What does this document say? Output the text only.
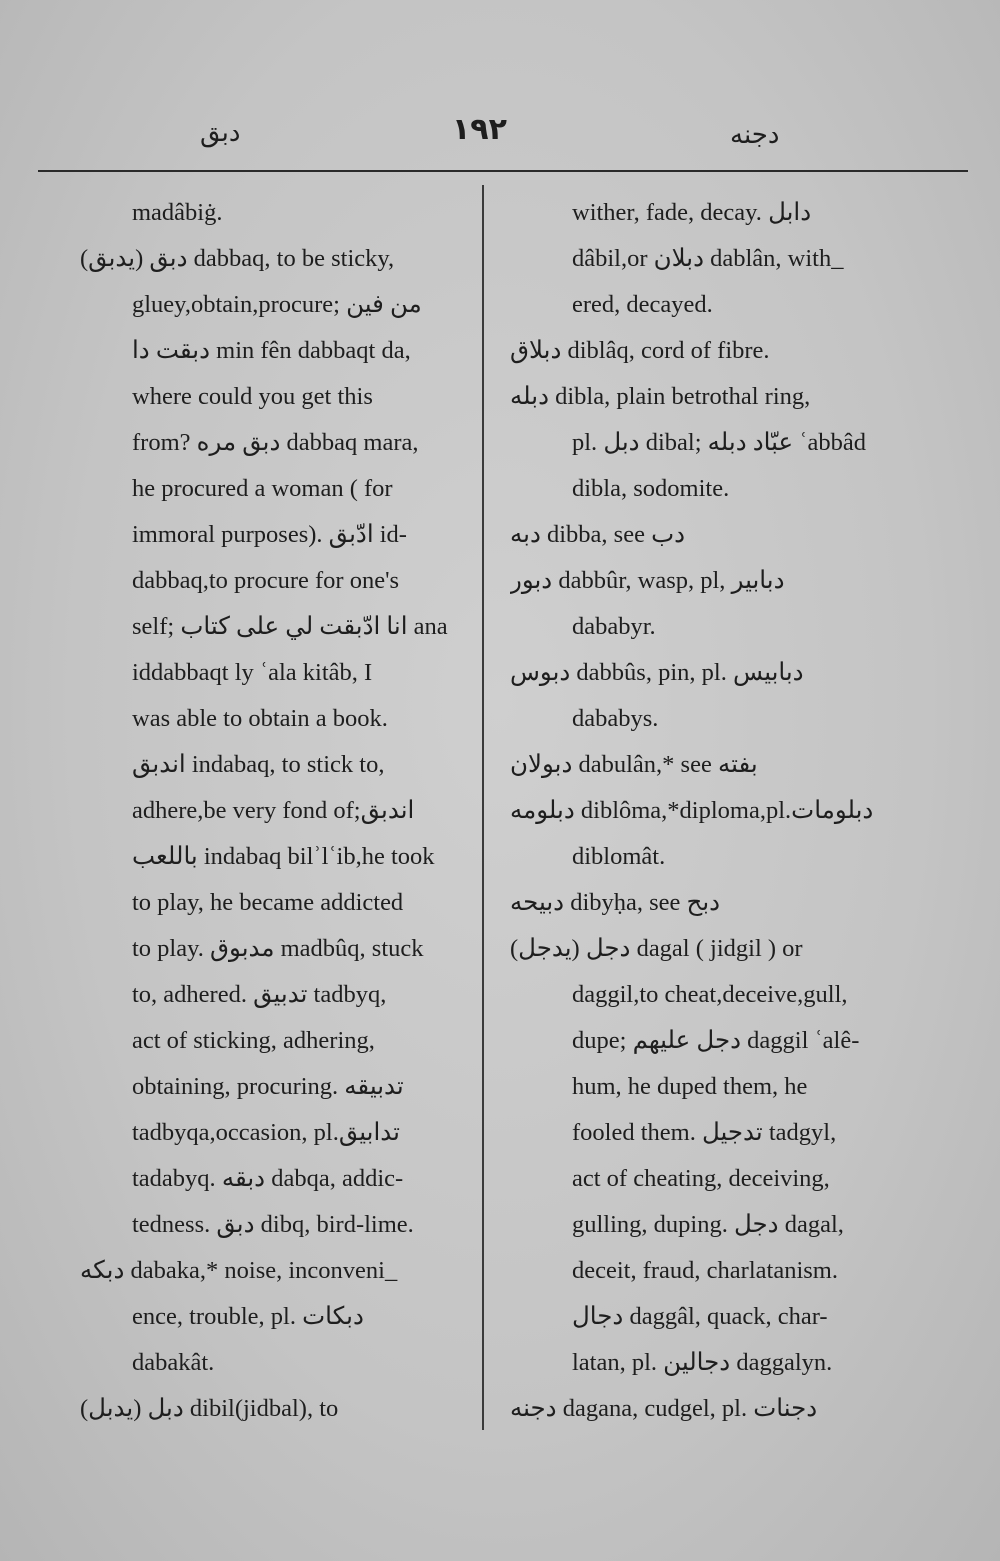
دبق	۱۹۲	دجنه
madâbiġ.
دبق (يدبق) dabbaq, to be sticky,
gluey,obtain,procure; من فين
دبقت دا min fên dabbaqt da,
where could you get this
from? دبق مره dabbaq mara,
he procured a woman ( for
immoral purposes). ادّبق id-
dabbaq,to procure for one's
self; انا ادّبقت لي على كتاب ana
iddabbaqt ly ʿala kitâb, I
was able to obtain a book.
اندبق indabaq, to stick to,
adhere,be very fond of;اندبق
باللعب indabaq bilʾlʿib,he took
to play, he became addicted
to play. مدبوق madbûq, stuck
to, adhered. تدبيق tadbyq,
act of sticking, adhering,
obtaining, procuring. تدبيقه
tadbyqa,occasion, pl.تدابيق
tadabyq. دبقه dabqa, addic-
tedness. دبق dibq, bird-lime.
دبكه dabaka,* noise, inconveni_
ence, trouble, pl. دبكات
dabakât.
دبل (يدبل) dibil(jidbal), to
wither, fade, decay. دابل
dâbil,or دبلان dablân, with_
ered, decayed.
دبلاق diblâq, cord of fibre.
دبله dibla, plain betrothal ring,
pl. دبل dibal; عبّاد دبله ʿabbâd
dibla, sodomite.
دبه dibba, see دب
دبور dabbûr, wasp, pl, دبابير
dababyr.
دبوس dabbûs, pin, pl. دبابيس
dababys.
دبولان dabulân,* see بفته
دبلومه diblôma,*diploma,pl.دبلومات
diblomât.
دبيحه dibyḥa, see دبح
دجل (يدجل) dagal ( jidgil ) or
daggil,to cheat,deceive,gull,
dupe; دجل عليهم daggil ʿalê-
hum, he duped them, he
fooled them. تدجيل tadgyl,
act of cheating, deceiving,
gulling, duping. دجل dagal,
deceit, fraud, charlatanism.
دجال daggâl, quack, char-
latan, pl. دجالين daggalyn.
دجنه dagana, cudgel, pl. دجنات
